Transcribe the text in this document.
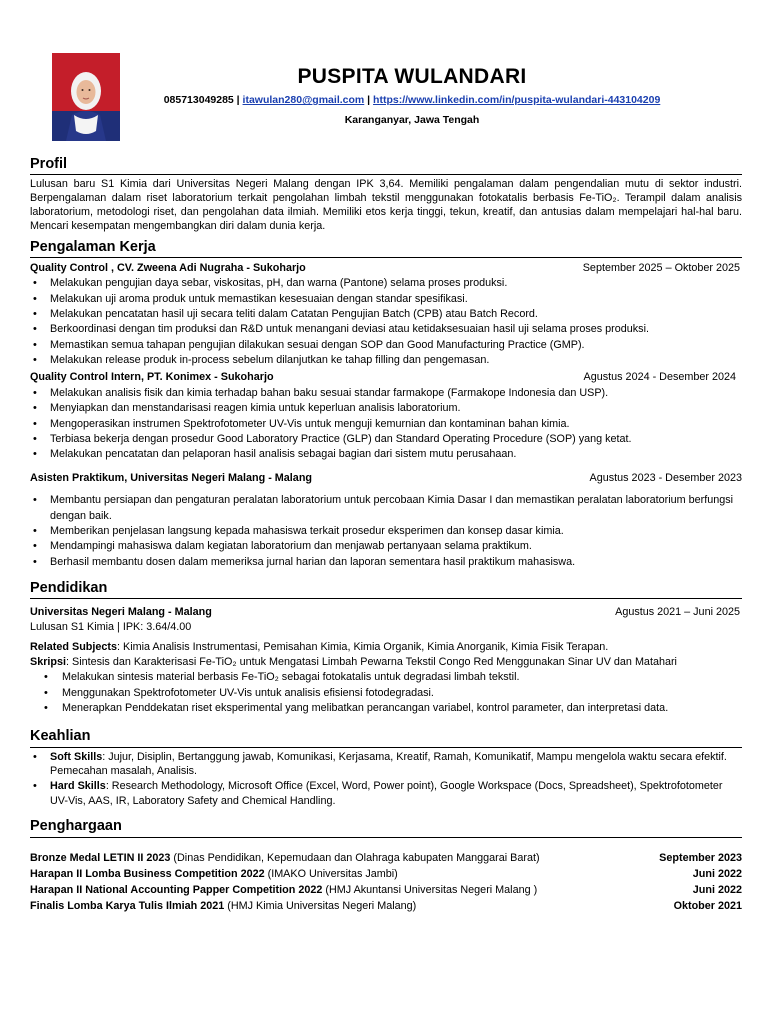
PUSPITA WULANDARI
085713049285 | itawulan280@gmail.com | https://www.linkedin.com/in/puspita-wulandari-443104209
Karanganyar, Jawa Tengah
Profil
Lulusan baru S1 Kimia dari Universitas Negeri Malang dengan IPK 3,64. Memiliki pengalaman dalam pengendalian mutu di sektor industri. Berpengalaman dalam riset laboratorium terkait pengolahan limbah tekstil menggunakan fotokatalis berbasis Fe-TiO₂. Terampil dalam analisis laboratorium, metodologi riset, dan pengolahan data ilmiah. Memiliki etos kerja tinggi, tekun, kreatif, dan antusias dalam mempelajari hal-hal baru. Mencari kesempatan mengembangkan diri dalam dunia kerja.
Pengalaman Kerja
Quality Control , CV. Zweena Adi Nugraha - Sukoharjo	September 2025 – Oktober 2025
• Melakukan pengujian daya sebar, viskositas, pH, dan warna (Pantone) selama proses produksi.
• Melakukan uji aroma produk untuk memastikan kesesuaian dengan standar spesifikasi.
• Melakukan pencatatan hasil uji secara teliti dalam Catatan Pengujian Batch (CPB) atau Batch Record.
• Berkoordinasi dengan tim produksi dan R&D untuk menangani deviasi atau ketidaksesuaian hasil uji selama proses produksi.
• Memastikan semua tahapan pengujian dilakukan sesuai dengan SOP dan Good Manufacturing Practice (GMP).
• Melakukan release produk in-process sebelum dilanjutkan ke tahap filling dan pengemasan.
Quality Control Intern, PT. Konimex - Sukoharjo	Agustus 2024 - Desember 2024
• Melakukan analisis fisik dan kimia terhadap bahan baku sesuai standar farmakope (Farmakope Indonesia dan USP).
• Menyiapkan dan menstandarisasi reagen kimia untuk keperluan analisis laboratorium.
• Mengoperasikan instrumen Spektrofotometer UV-Vis untuk menguji kemurnian dan kontaminan bahan kimia.
• Terbiasa bekerja dengan prosedur Good Laboratory Practice (GLP) dan Standard Operating Procedure (SOP) yang ketat.
• Melakukan pencatatan dan pelaporan hasil analisis sebagai bagian dari sistem mutu perusahaan.
Asisten Praktikum, Universitas Negeri Malang - Malang	Agustus 2023 - Desember 2023
• Membantu persiapan dan pengaturan peralatan laboratorium untuk percobaan Kimia Dasar I dan memastikan peralatan laboratorium berfungsi dengan baik.
• Memberikan penjelasan langsung kepada mahasiswa terkait prosedur eksperimen dan konsep dasar kimia.
• Mendampingi mahasiswa dalam kegiatan laboratorium dan menjawab pertanyaan selama praktikum.
• Berhasil membantu dosen dalam memeriksa jurnal harian dan laporan sementara hasil praktikum mahasiswa.
Pendidikan
Universitas Negeri Malang - Malang	Agustus 2021 – Juni 2025
Lulusan S1 Kimia | IPK: 3.64/4.00
Related Subjects: Kimia Analisis Instrumentasi, Pemisahan Kimia, Kimia Organik, Kimia Anorganik, Kimia Fisik Terapan.
Skripsi: Sintesis dan Karakterisasi Fe-TiO₂ untuk Mengatasi Limbah Pewarna Tekstil Congo Red Menggunakan Sinar UV dan Matahari
• Melakukan sintesis material berbasis Fe-TiO₂ sebagai fotokatalis untuk degradasi limbah tekstil.
• Menggunakan Spektrofotometer UV-Vis untuk analisis efisiensi fotodegradasi.
• Menerapkan Penddekatan riset eksperimental yang melibatkan perancangan variabel, kontrol parameter, dan interpretasi data.
Keahlian
• Soft Skills: Jujur, Disiplin, Bertanggung jawab, Komunikasi, Kerjasama, Kreatif, Ramah, Komunikatif, Mampu mengelola waktu secara efektif. Pemecahan masalah, Analisis.
• Hard Skills: Research Methodology, Microsoft Office (Excel, Word, Power point), Google Workspace (Docs, Spreadsheet), Spektrofotometer UV-Vis, AAS, IR, Laboratory Safety and Chemical Handling.
Penghargaan
Bronze Medal LETIN II 2023 (Dinas Pendidikan, Kepemudaan dan Olahraga kabupaten Manggarai Barat)	September 2023
Harapan II Lomba Business Competition 2022 (IMAKO Universitas Jambi)	Juni 2022
Harapan II National Accounting Papper Competition 2022 (HMJ Akuntansi Universitas Negeri Malang )	Juni 2022
Finalis Lomba Karya Tulis Ilmiah 2021 (HMJ Kimia Universitas Negeri Malang)	Oktober 2021
